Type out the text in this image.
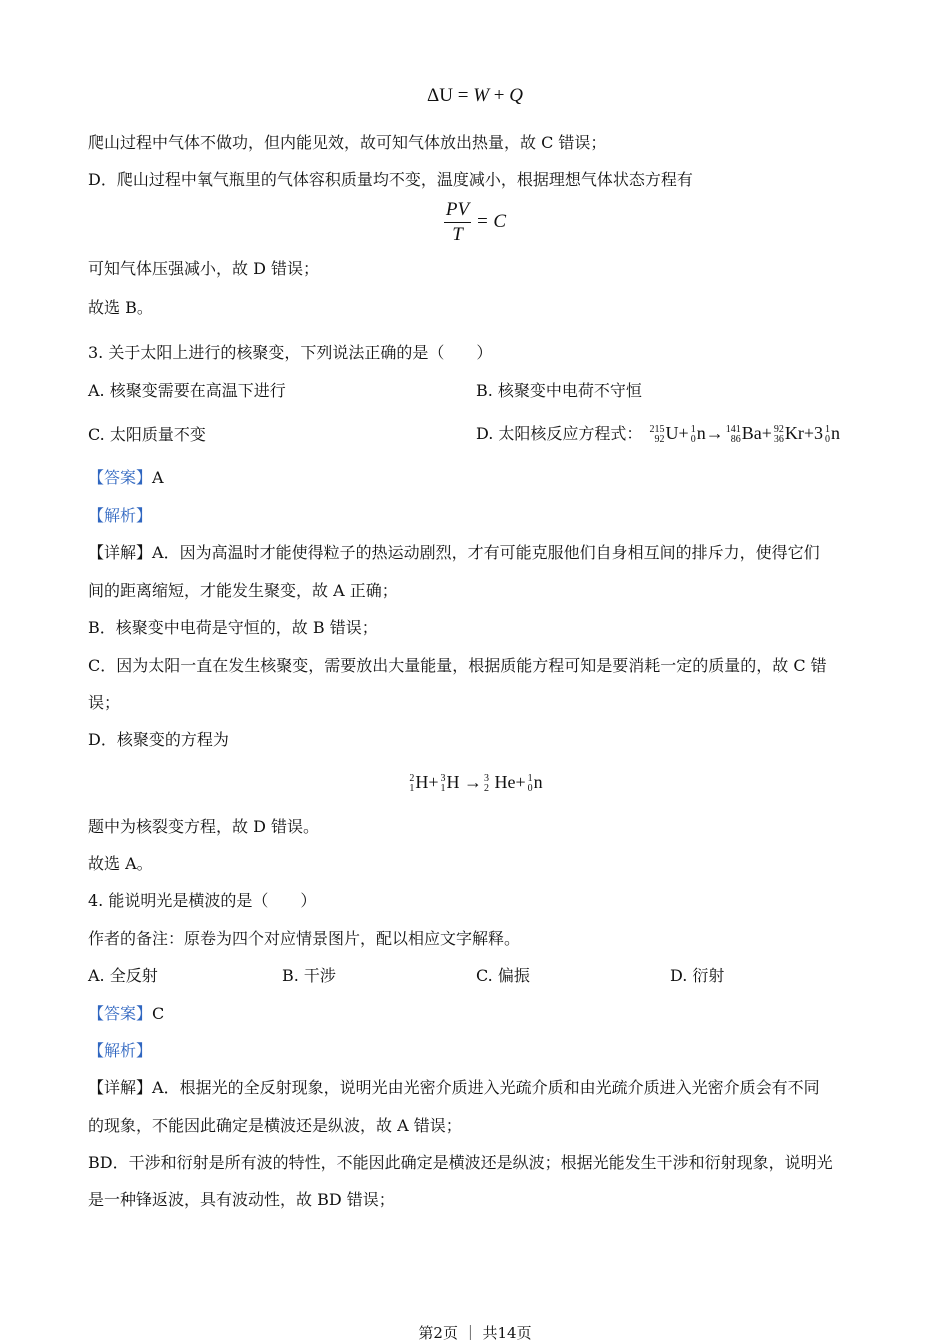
ΔU = W + Q
爬山过程中气体不做功，但内能见效，故可知气体放出热量，故 C 错误；
D．爬山过程中氧气瓶里的气体容积质量均不变，温度减小，根据理想气体状态方程有
$\frac{PV}{T} = C$
可知气体压强减小，故 D 错误；
故选 B。
3. 关于太阳上进行的核聚变，下列说法正确的是（　　）
A. 核聚变需要在高温下进行	B. 核聚变中电荷不守恒
C. 太阳质量不变	D. 太阳核反应方程式： 215
92 U+ 1
0 n→ 141
86 Ba+ 92
36 Kr+3 1
0 n
【答案】A
【解析】
【详解】A．因为高温时才能使得粒子的热运动剧烈，才有可能克服他们自身相互间的排斥力，使得它们
间的距离缩短，才能发生聚变，故 A 正确；
B．核聚变中电荷是守恒的，故 B 错误；
C．因为太阳一直在发生核聚变，需要放出大量能量，根据质能方程可知是要消耗一定的质量的，故 C 错
误；
D．核聚变的方程为
2
1 H+ 3
1 H → 3
2 He+ 1
0 n
题中为核裂变方程，故 D 错误。
故选 A。
4. 能说明光是横波的是（　　）
作者的备注：原卷为四个对应情景图片，配以相应文字解释。
A. 全反射	B. 干涉	C. 偏振	D. 衍射
【答案】C
【解析】
【详解】A．根据光的全反射现象，说明光由光密介质进入光疏介质和由光疏介质进入光密介质会有不同
的现象，不能因此确定是横波还是纵波，故 A 错误；
BD．干涉和衍射是所有波的特性，不能因此确定是横波还是纵波；根据光能发生干涉和衍射现象，说明光
是一种锋返波，具有波动性，故 BD 错误；
第2页 ｜ 共14页
